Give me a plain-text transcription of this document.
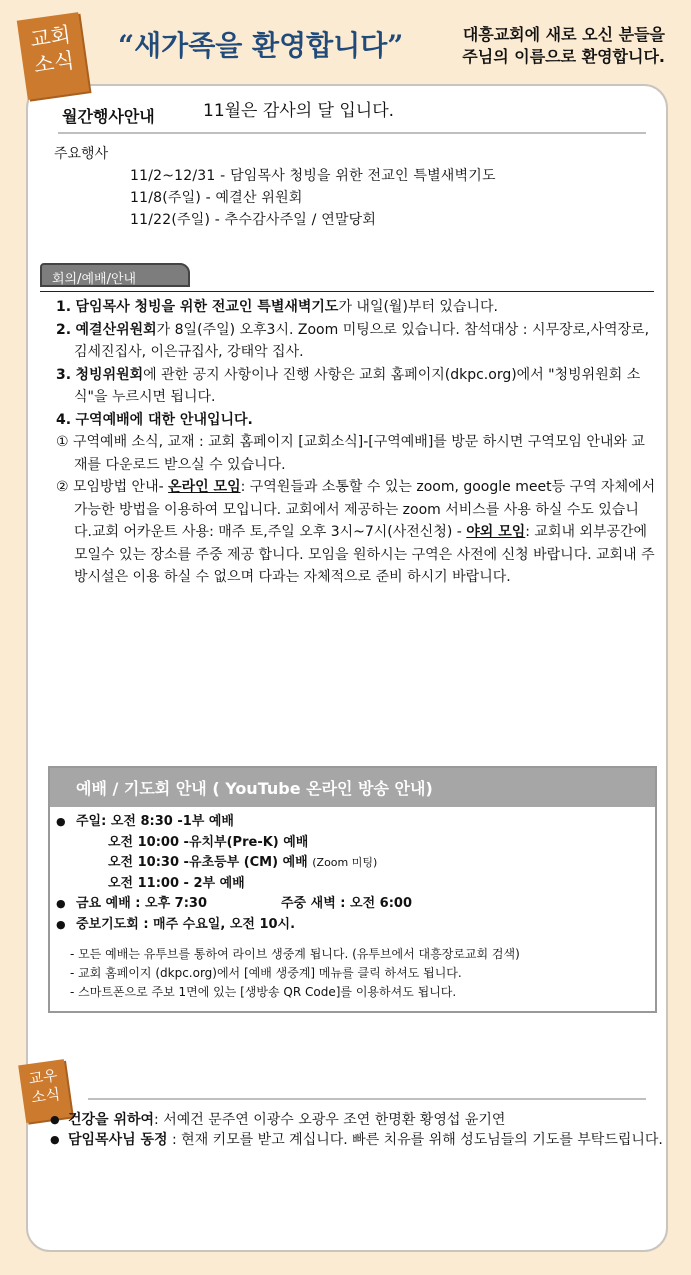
교회
소식
“새가족을 환영합니다”	대흥교회에 새로 오신 분들을
주님의 이름으로 환영합니다.
월간행사안내	11월은 감사의 달 입니다.
주요행사
11/2~12/31 - 담임목사 청빙을 위한 전교인 특별새벽기도
11/8(주일) - 예결산 위원회
11/22(주일) - 추수감사주일 / 연말당회
회의/예배/안내
1. 담임목사 청빙을 위한 전교인 특별새벽기도가 내일(월)부터 있습니다.
2. 예결산위원회가 8일(주일) 오후3시. Zoom 미팅으로 있습니다. 참석대상 : 시무장로,사역장로, 김세진집사, 이은규집사, 강태악 집사.
3. 청빙위원회에 관한 공지 사항이나 진행 사항은 교회 홈페이지(dkpc.org)에서 "청빙위원회 소식"을 누르시면 됩니다.
4. 구역예배에 대한 안내입니다.
① 구역예배 소식, 교재 : 교회 홈페이지 [교회소식]-[구역예배]를 방문 하시면 구역모임 안내와 교재를 다운로드 받으실 수 있습니다.
② 모임방법 안내- 온라인 모임: 구역원들과 소통할 수 있는 zoom, google meet등 구역 자체에서 가능한 방법을 이용하여 모입니다. 교회에서 제공하는 zoom 서비스를 사용 하실 수도 있습니다.교회 어카운트 사용: 매주 토,주일 오후 3시~7시(사전신청) - 야외 모임: 교회내 외부공간에 모일수 있는 장소를 주중 제공 합니다. 모임을 원하시는 구역은 사전에 신청 바랍니다. 교회내 주방시설은 이용 하실 수 없으며 다과는 자체적으로 준비 하시기 바랍니다.
예배 / 기도회 안내 ( YouTube 온라인 방송 안내)
● 주일: 오전 8:30 -1부 예배
오전 10:00 -유치부(Pre-K) 예배
오전 10:30 -유초등부 (CM) 예배 (Zoom 미팅)
오전 11:00 - 2부 예배
● 금요 예배 : 오후 7:30	주중 새벽 : 오전 6:00
● 중보기도회 : 매주 수요일, 오전 10시.
- 모든 예배는 유투브를 통하여 라이브 생중계 됩니다. (유투브에서 대흥장로교회 검색)
- 교회 홈페이지 (dkpc.org)에서 [예배 생중계] 메뉴를 클릭 하셔도 됩니다.
- 스마트폰으로 주보 1면에 있는 [생방송 QR Code]를 이용하셔도 됩니다.
교우
소식
● 건강을 위하여: 서예건 문주연 이광수 오광우 조연 한명환 황영섭 윤기연
● 담임목사님 동정 : 현재 키모를 받고 계십니다. 빠른 치유를 위해 성도님들의 기도를 부탁드립니다.
